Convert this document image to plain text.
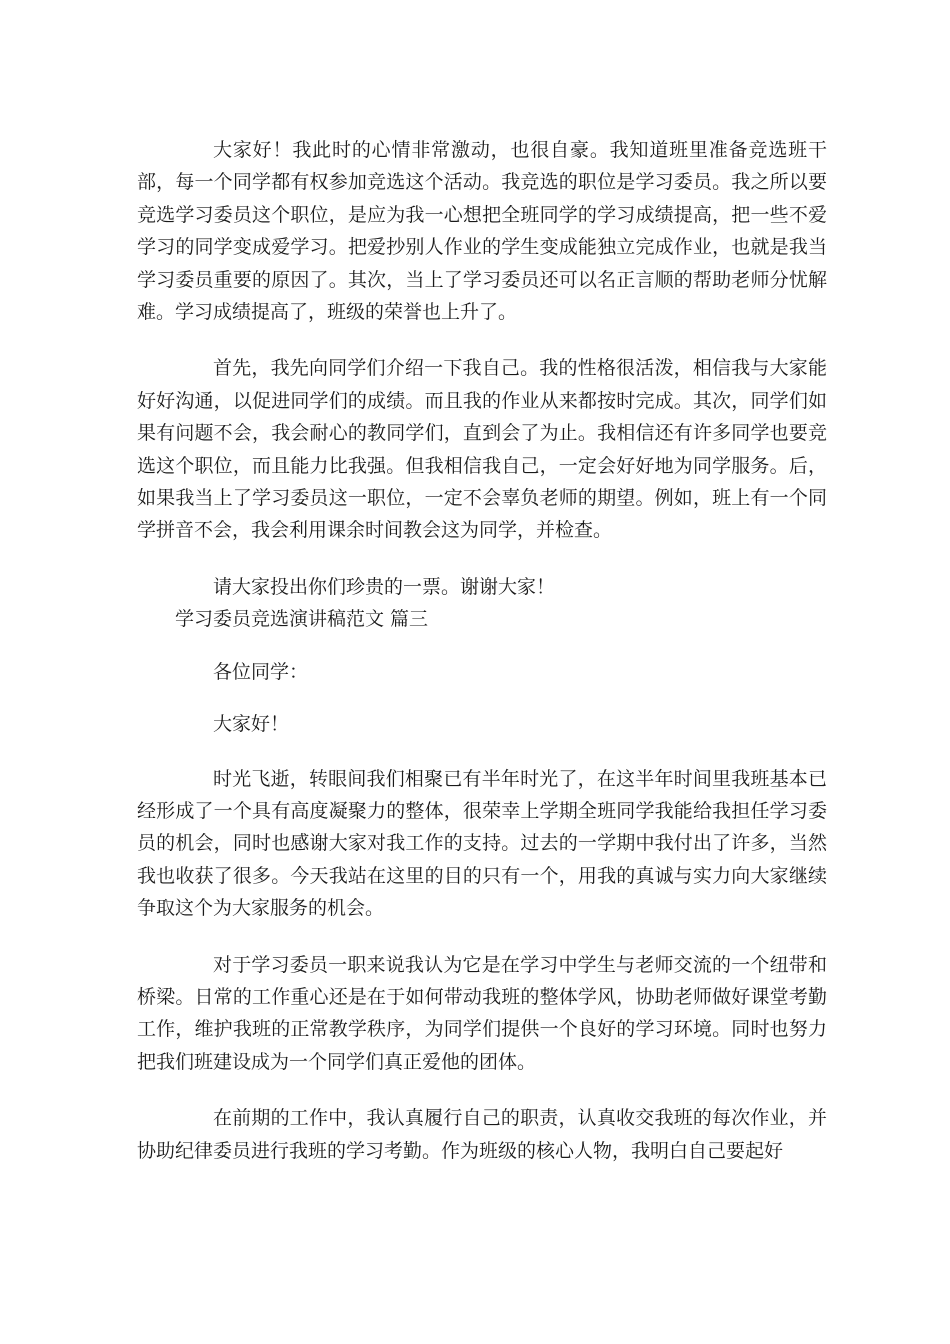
大家好！我此时的心情非常激动，也很自豪。我知道班里准备竞选班干部，每一个同学都有权参加竞选这个活动。我竞选的职位是学习委员。我之所以要竞选学习委员这个职位，是应为我一心想把全班同学的学习成绩提高，把一些不爱学习的同学变成爱学习。把爱抄别人作业的学生变成能独立完成作业，也就是我当学习委员重要的原因了。其次，当上了学习委员还可以名正言顺的帮助老师分忧解难。学习成绩提高了，班级的荣誉也上升了。

首先，我先向同学们介绍一下我自己。我的性格很活泼，相信我与大家能好好沟通，以促进同学们的成绩。而且我的作业从来都按时完成。其次，同学们如果有问题不会，我会耐心的教同学们，直到会了为止。我相信还有许多同学也要竞选这个职位，而且能力比我强。但我相信我自己，一定会好好地为同学服务。后，如果我当上了学习委员这一职位，一定不会辜负老师的期望。例如，班上有一个同学拼音不会，我会利用课余时间教会这为同学，并检查。

请大家投出你们珍贵的一票。谢谢大家！

学习委员竞选演讲稿范文 篇三

各位同学：

大家好！

时光飞逝，转眼间我们相聚已有半年时光了，在这半年时间里我班基本已经形成了一个具有高度凝聚力的整体，很荣幸上学期全班同学我能给我担任学习委员的机会，同时也感谢大家对我工作的支持。过去的一学期中我付出了许多，当然我也收获了很多。今天我站在这里的目的只有一个，用我的真诚与实力向大家继续争取这个为大家服务的机会。

对于学习委员一职来说我认为它是在学习中学生与老师交流的一个纽带和桥梁。日常的工作重心还是在于如何带动我班的整体学风，协助老师做好课堂考勤工作，维护我班的正常教学秩序，为同学们提供一个良好的学习环境。同时也努力把我们班建设成为一个同学们真正爱他的团体。

在前期的工作中，我认真履行自己的职责，认真收交我班的每次作业，并协助纪律委员进行我班的学习考勤。作为班级的核心人物，我明白自己要起好
